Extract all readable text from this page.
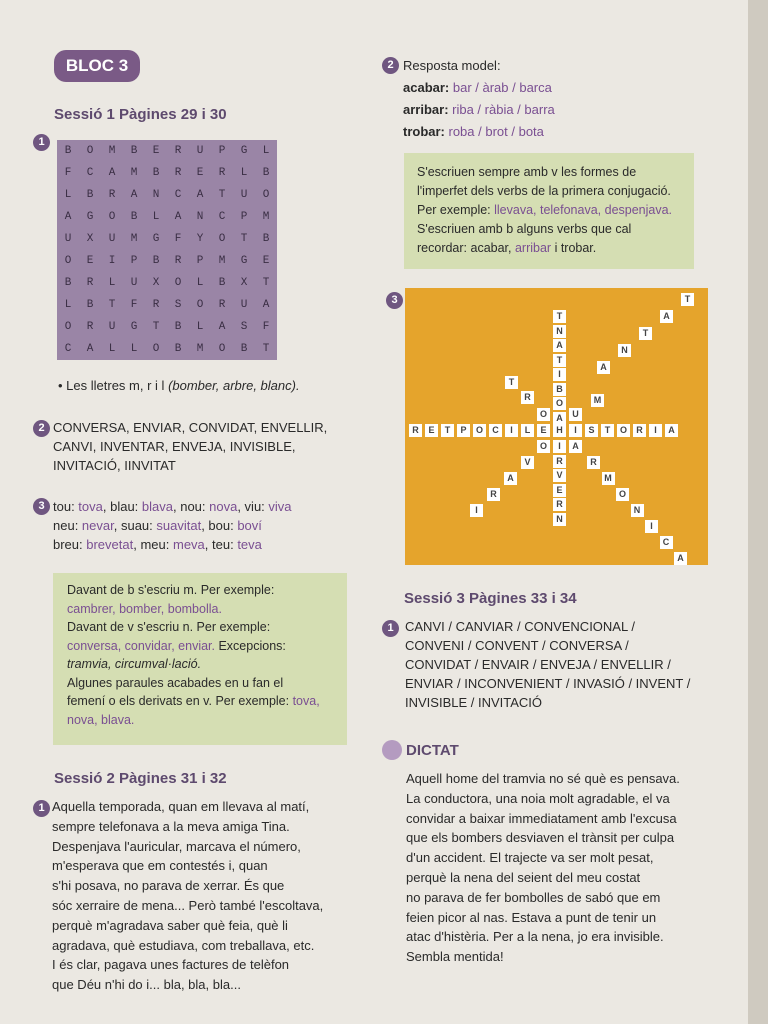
BLOC 3
Sessió 1 Pàgines 29 i 30
1
B	O	M	B	E	R	U	P	G	L
F	C	A	M	B	R	E	R	L	B
L	B	R	A	N	C	A	T	U	O
A	G	O	B	L	A	N	C	P	M
U	X	U	M	G	F	Y	O	T	B
O	E	I	P	B	R	P	M	G	E
B	R	L	U	X	O	L	B	X	T
L	B	T	F	R	S	O	R	U	A
O	R	U	G	T	B	L	A	S	F
C	A	L	L	O	B	M	O	B	T
• Les lletres m, r i l (bomber, arbre, blanc).
2 CONVERSA, ENVIAR, CONVIDAT, ENVELLIR,
CANVI, INVENTAR, ENVEJA, INVISIBLE,
INVITACIÓ, IINVITAT
3 tou: tova, blau: blava, nou: nova, viu: viva
neu: nevar, suau: suavitat, bou: boví
breu: brevetat, meu: meva, teu: teva
Davant de b s'escriu m. Per exemple:
cambrer, bomber, bombolla.
Davant de v s'escriu n. Per exemple:
conversa, convidar, enviar. Excepcions:
tramvia, circumval·lació.
Algunes paraules acabades en u fan el
femení o els derivats en v. Per exemple: tova,
nova, blava.
Sessió 2 Pàgines 31 i 32
1 Aquella temporada, quan em llevava al matí,
sempre telefonava a la meva amiga Tina.
Despenjava l'auricular, marcava el número,
m'esperava que em contestés i, quan
s'hi posava, no parava de xerrar. És que
sóc xerraire de mena... Però també l'escoltava,
perquè m'agradava saber què feia, què li
agradava, què estudiava, com treballava, etc.
I és clar, pagava unes factures de telèfon
que Déu n'hi do i... bla, bla, bla...
2 Resposta model:
acabar: bar / àrab / barca
arribar: riba / ràbia / barra
trobar: roba / brot / bota
S'escriuen sempre amb v les formes de
l'imperfet dels verbs de la primera conjugació.
Per exemple: llevava, telefonava, despenjava.
S'escriuen amb b alguns verbs que cal
recordar: acabar, arribar i trobar.
3
R	E	T	P	O	C	I	L	E	H	I	S	T	O	R	I	A
T
N
A
T
I
B
O
A
I
R
V
E
R
N
U
O
A
O
T
A
T
N
A
M
T
R
V
A
R
I
R
M
O
N
I
C
A
Sessió 3 Pàgines 33 i 34
1 CANVI / CANVIAR / CONVENCIONAL /
CONVENI / CONVENT / CONVERSA /
CONVIDAT / ENVAIR / ENVEJA / ENVELLIR /
ENVIAR / INCONVENIENT / INVASIÓ / INVENT /
INVISIBLE / INVITACIÓ
DICTAT
Aquell home del tramvia no sé què es pensava.
La conductora, una noia molt agradable, el va
convidar a baixar immediatament amb l'excusa
que els bombers desviaven el trànsit per culpa
d'un accident. El trajecte va ser molt pesat,
perquè la nena del seient del meu costat
no parava de fer bombolles de sabó que em
feien picor al nas. Estava a punt de tenir un
atac d'histèria. Per a la nena, jo era invisible.
Sembla mentida!
